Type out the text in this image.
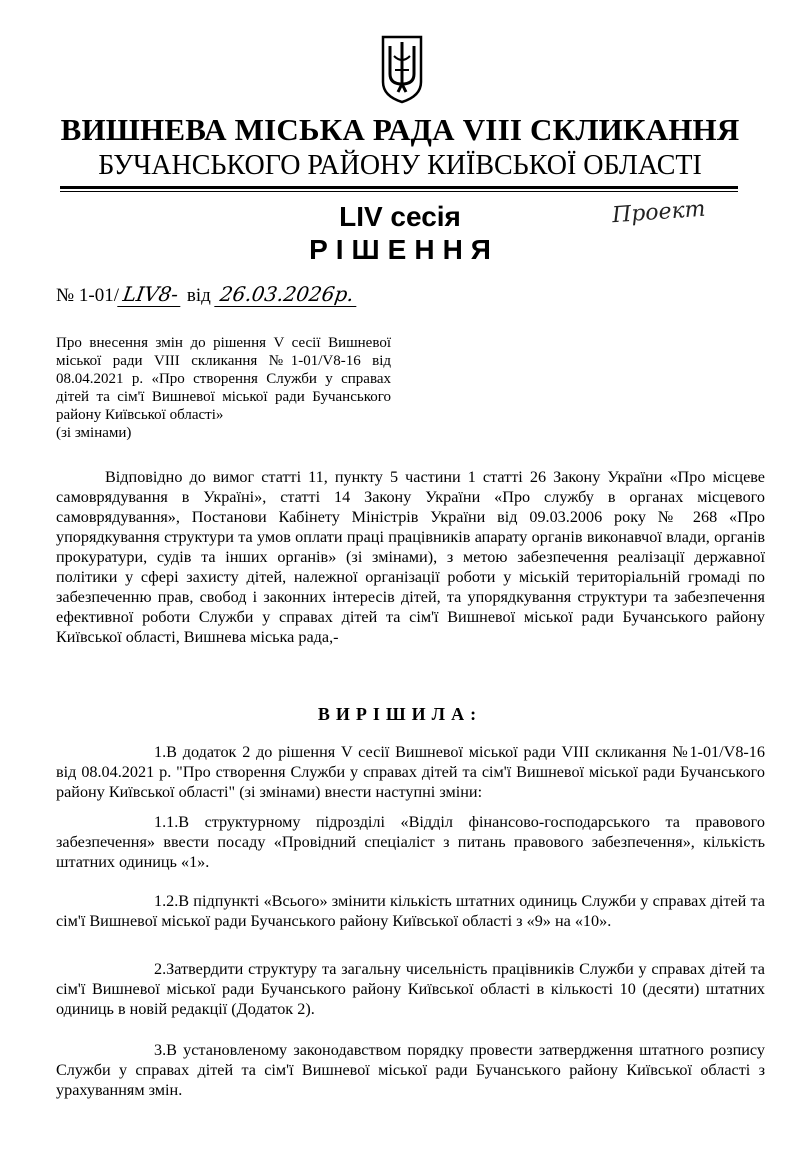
ВИШНЕВА МІСЬКА РАДА VIII СКЛИКАННЯ
БУЧАНСЬКОГО РАЙОНУ КИЇВСЬКОЇ ОБЛАСТІ
LIV сесія
РІШЕННЯ
Проект
№ 1-01/ LIV8- від 26.03.2026р.
Про внесення змін до рішення V сесії Вишневої міської ради VIII скликання №1-01/V8-16 від 08.04.2021 р. «Про створення Служби у справах дітей та сім'ї Вишневої міської ради Бучанського району Київської області»
(зі змінами)
Відповідно до вимог статті 11, пункту 5 частини 1 статті 26 Закону України «Про місцеве самоврядування в Україні», статті 14 Закону України «Про службу в органах місцевого самоврядування», Постанови Кабінету Міністрів України від 09.03.2006 року № 268 «Про упорядкування структури та умов оплати праці працівників апарату органів виконавчої влади, органів прокуратури, судів та інших органів» (зі змінами), з метою забезпечення реалізації державної політики у сфері захисту дітей, належної організації роботи у міській територіальній громаді по забезпеченню прав, свобод і законних інтересів дітей, та упорядкування структури та забезпечення ефективної роботи Служби у справах дітей та сім'ї Вишневої міської ради Бучанського району Київської області, Вишнева міська рада,-
ВИРІШИЛА:
1.В додаток 2 до рішення V сесії Вишневої міської ради VIII скликання №1-01/V8-16 від 08.04.2021 р. "Про створення Служби у справах дітей та сім'ї Вишневої міської ради Бучанського району Київської області" (зі змінами) внести наступні зміни:
1.1.В структурному підрозділі «Відділ фінансово-господарського та правового забезпечення» ввести посаду «Провідний спеціаліст з питань правового забезпечення», кількість штатних одиниць «1».
1.2.В підпункті «Всього» змінити кількість штатних одиниць Служби у справах дітей та сім'ї Вишневої міської ради Бучанського району Київської області з «9» на «10».
2.Затвердити структуру та загальну чисельність працівників Служби у справах дітей та сім'ї Вишневої міської ради Бучанського району Київської області в кількості 10 (десяти) штатних одиниць в новій редакції (Додаток 2).
3.В установленому законодавством порядку провести затвердження штатного розпису Служби у справах дітей та сім'ї Вишневої міської ради Бучанського району Київської області з урахуванням змін.
